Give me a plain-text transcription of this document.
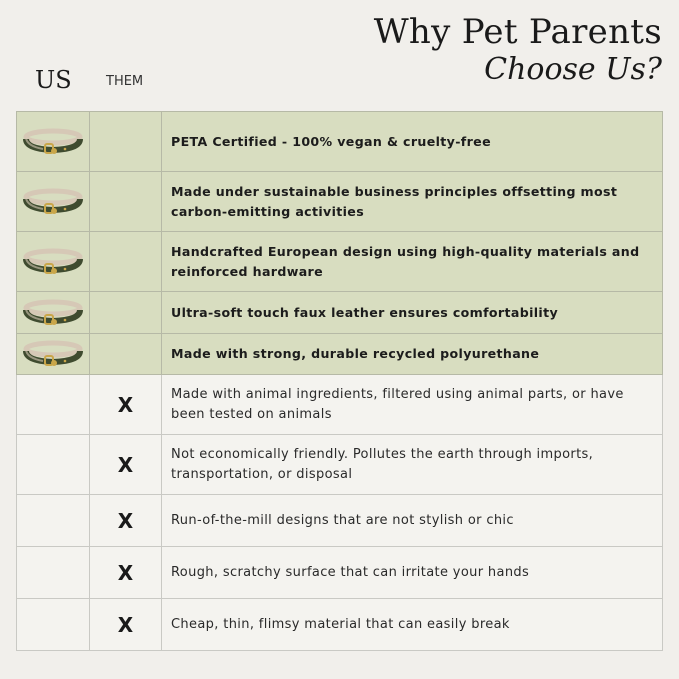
Why Pet Parents
Choose Us?
US	THEM
		PETA Certified - 100% vegan & cruelty-free

		Made under sustainable business principles offsetting most carbon-emitting activities

		Handcrafted European design using high-quality materials and reinforced hardware

		Ultra-soft touch faux leather ensures comfortability

		Made with strong, durable recycled polyurethane
	X	Made with animal ingredients, filtered using animal parts, or have been tested on animals
	X	Not economically friendly. Pollutes the earth through imports, transportation, or disposal
	X	Run-of-the-mill designs that are not stylish or chic
	X	Rough, scratchy surface that can irritate your hands
	X	Cheap, thin, flimsy material that can easily break
